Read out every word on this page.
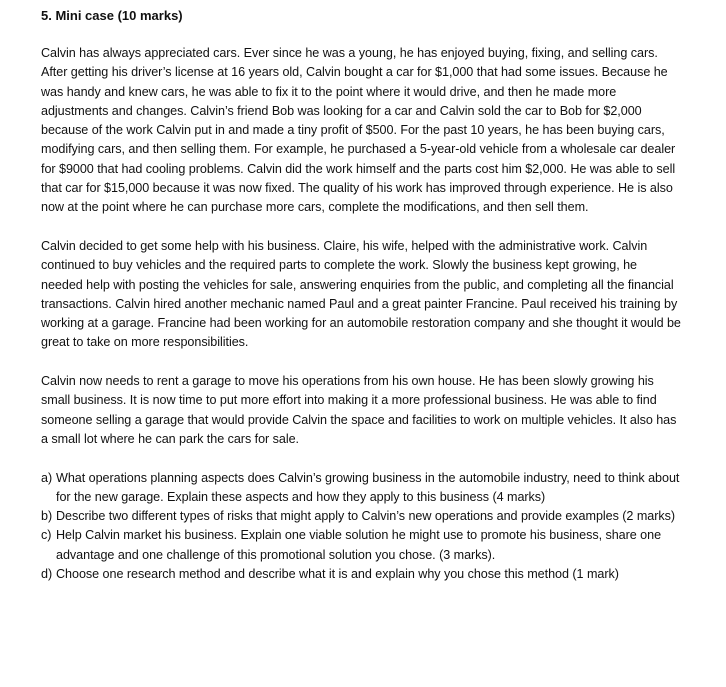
5. Mini case (10 marks)

Calvin has always appreciated cars. Ever since he was a young, he has enjoyed buying, fixing, and selling cars. After getting his driver’s license at 16 years old, Calvin bought a car for $1,000 that had some issues. Because he was handy and knew cars, he was able to fix it to the point where it would drive, and then he made more adjustments and changes. Calvin’s friend Bob was looking for a car and Calvin sold the car to Bob for $2,000 because of the work Calvin put in and made a tiny profit of $500. For the past 10 years, he has been buying cars, modifying cars, and then selling them. For example, he purchased a 5-year-old vehicle from a wholesale car dealer for $9000 that had cooling problems. Calvin did the work himself and the parts cost him $2,000. He was able to sell that car for $15,000 because it was now fixed. The quality of his work has improved through experience. He is also now at the point where he can purchase more cars, complete the modifications, and then sell them.

Calvin decided to get some help with his business. Claire, his wife, helped with the administrative work. Calvin continued to buy vehicles and the required parts to complete the work. Slowly the business kept growing, he needed help with posting the vehicles for sale, answering enquiries from the public, and completing all the financial transactions. Calvin hired another mechanic named Paul and a great painter Francine. Paul received his training by working at a garage. Francine had been working for an automobile restoration company and she thought it would be great to take on more responsibilities.

Calvin now needs to rent a garage to move his operations from his own house. He has been slowly growing his small business. It is now time to put more effort into making it a more professional business. He was able to find someone selling a garage that would provide Calvin the space and facilities to work on multiple vehicles. It also has a small lot where he can park the cars for sale.

a) What operations planning aspects does Calvin’s growing business in the automobile industry, need to think about for the new garage. Explain these aspects and how they apply to this business (4 marks)
b) Describe two different types of risks that might apply to Calvin’s new operations and provide examples (2 marks)
c) Help Calvin market his business. Explain one viable solution he might use to promote his business, share one advantage and one challenge of this promotional solution you chose. (3 marks).
d) Choose one research method and describe what it is and explain why you chose this method (1 mark)
